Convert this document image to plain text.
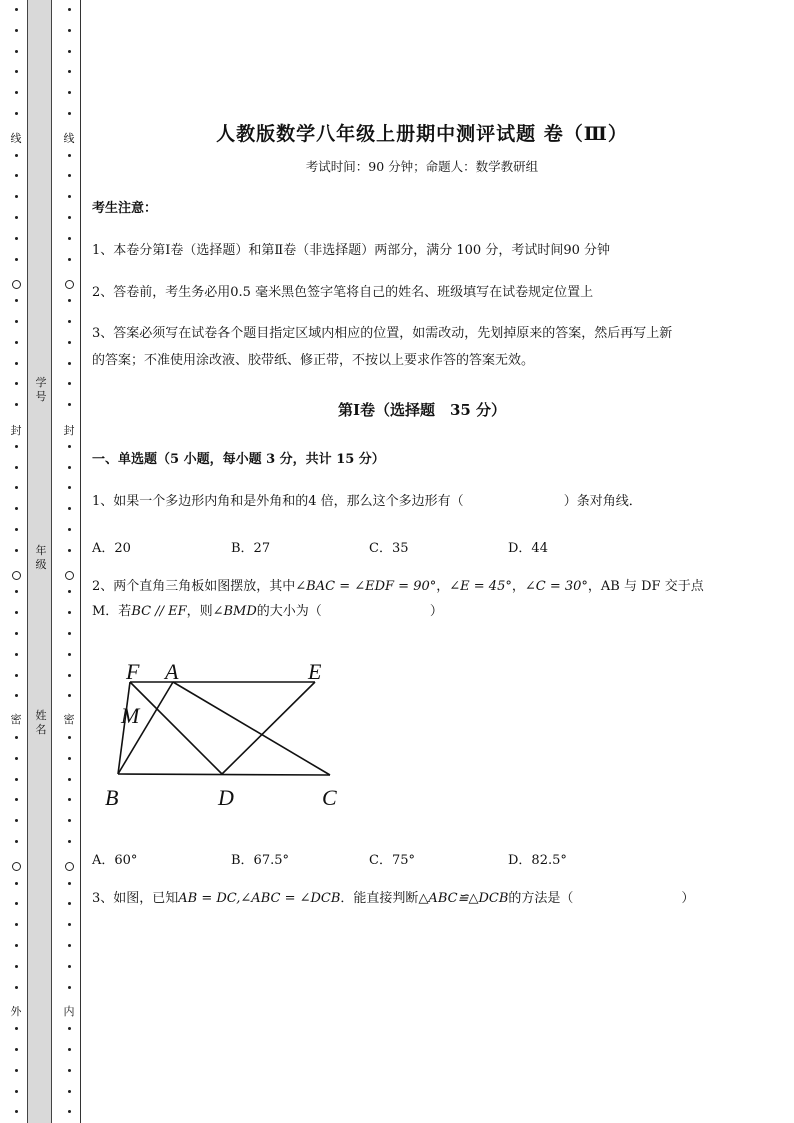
线
封
密
外
线
封
密
内
学号
年级
姓名
人教版数学八年级上册期中测评试题 卷（Ⅲ）
考试时间：90 分钟；命题人：数学教研组
考生注意：
1、本卷分第Ⅰ卷（选择题）和第Ⅱ卷（非选择题）两部分，满分 100 分，考试时间90 分钟
2、答卷前，考生务必用0.5 毫米黑色签字笔将自己的姓名、班级填写在试卷规定位置上
3、答案必须写在试卷各个题目指定区域内相应的位置，如需改动，先划掉原来的答案，然后再写上新
的答案；不准使用涂改液、胶带纸、修正带，不按以上要求作答的答案无效。
第Ⅰ卷（选择题　35 分）
一、单选题（5 小题，每小题 3 分，共计 15 分）
1、如果一个多边形内角和是外角和的4 倍，那么这个多边形有（	）条对角线．
A．20	B．27	C．35	D．44
2、两个直角三角板如图摆放，其中∠BAC = ∠EDF = 90°，∠E = 45°，∠C = 30°，AB 与 DF 交于点
M．若BC // EF，则∠BMD的大小为（	）
F A	E
M
B	D	C
A．60°	B．67.5°	C．75°	D．82.5°
3、如图，已知AB = DC,∠ABC = ∠DCB．能直接判断△ABC≌△DCB的方法是（	）
